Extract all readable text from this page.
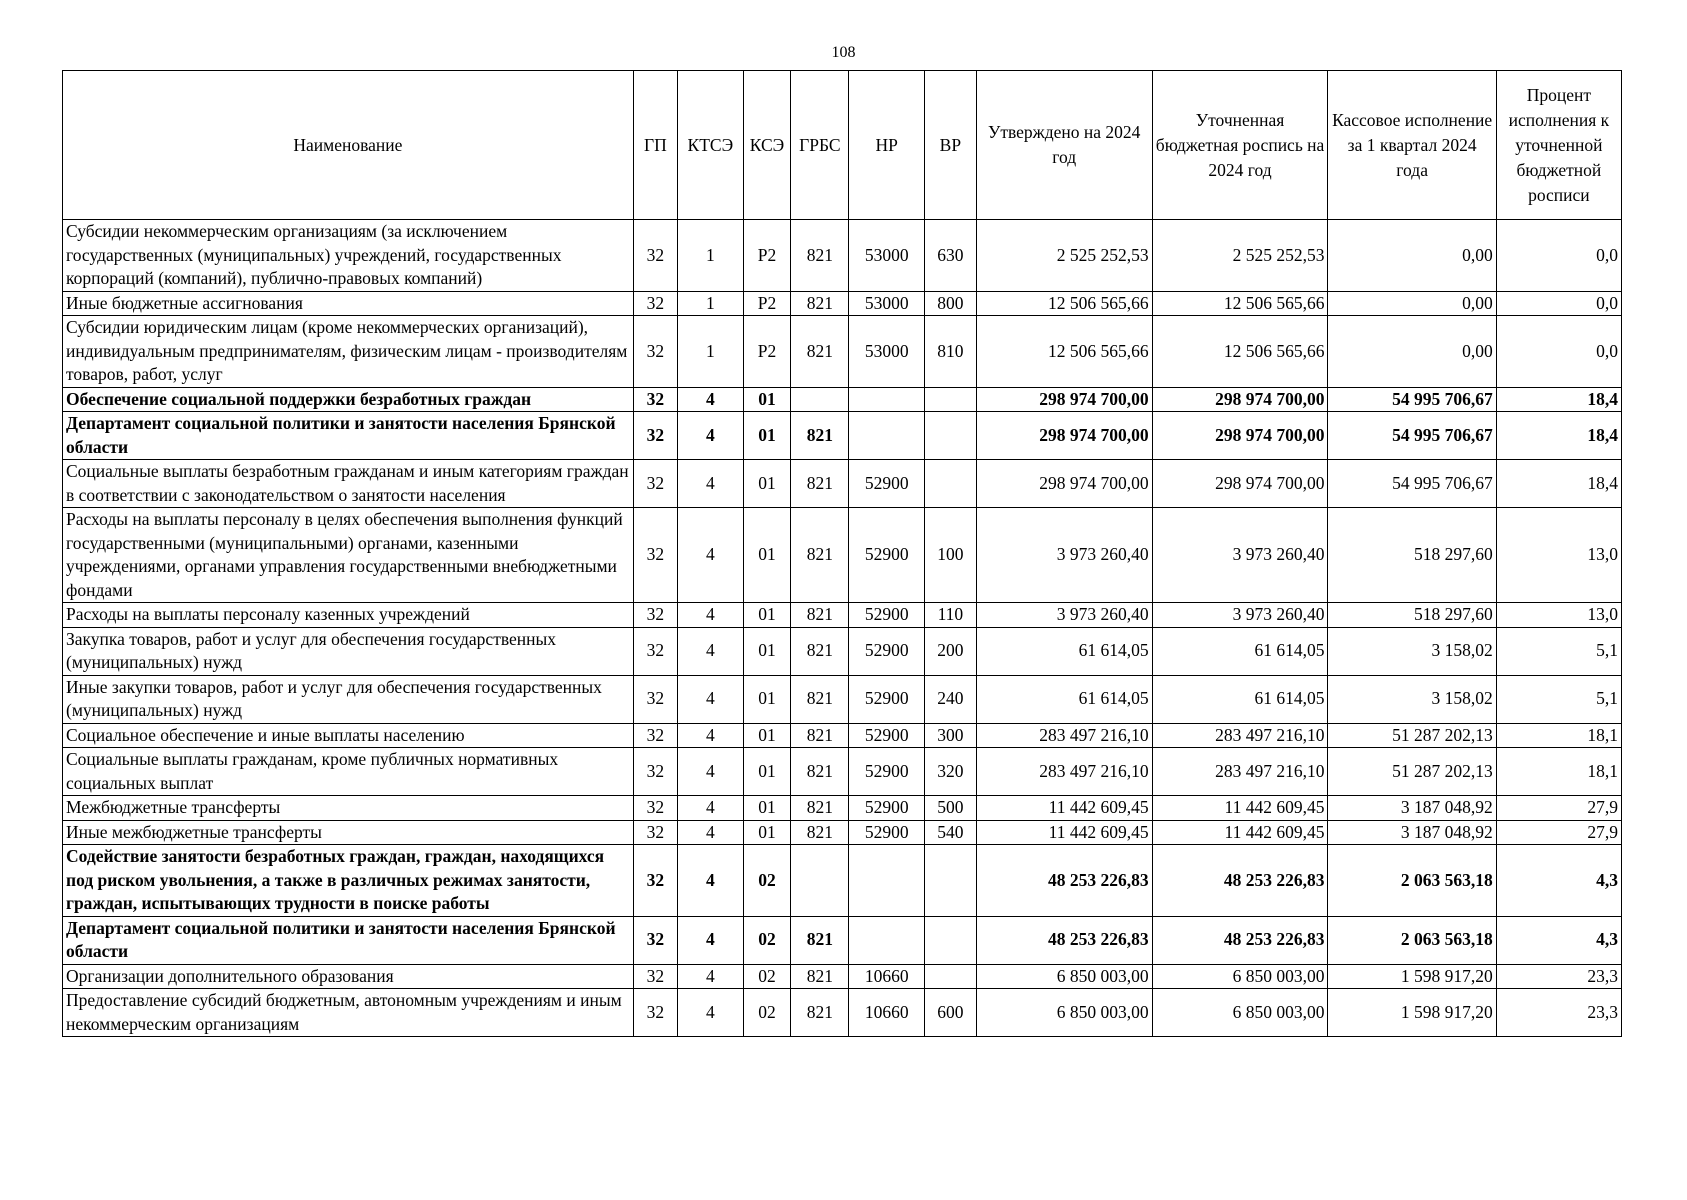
108
Наименование	ГП	КТСЭ	КСЭ	ГРБС	НР	ВР	Утверждено на 2024 год	Уточненная бюджетная роспись на 2024 год	Кассовое исполнение за 1 квартал 2024 года	Процент исполнения к уточненной бюджетной росписи
Субсидии некоммерческим организациям (за исключением государственных (муниципальных) учреждений, государственных корпораций (компаний), публично-правовых компаний)	32	1	P2	821	53000	630	2 525 252,53	2 525 252,53	0,00	0,0
Иные бюджетные ассигнования	32	1	P2	821	53000	800	12 506 565,66	12 506 565,66	0,00	0,0
Субсидии юридическим лицам (кроме некоммерческих организаций), индивидуальным предпринимателям, физическим лицам - производителям товаров, работ, услуг	32	1	P2	821	53000	810	12 506 565,66	12 506 565,66	0,00	0,0
Обеспечение социальной поддержки безработных граждан	32	4	01				298 974 700,00	298 974 700,00	54 995 706,67	18,4
Департамент социальной политики и занятости населения Брянской области	32	4	01	821			298 974 700,00	298 974 700,00	54 995 706,67	18,4
Социальные выплаты безработным гражданам и иным категориям граждан в соответствии с законодательством о занятости населения	32	4	01	821	52900		298 974 700,00	298 974 700,00	54 995 706,67	18,4
Расходы на выплаты персоналу в целях обеспечения выполнения функций государственными (муниципальными) органами, казенными учреждениями, органами управления государственными внебюджетными фондами	32	4	01	821	52900	100	3 973 260,40	3 973 260,40	518 297,60	13,0
Расходы на выплаты персоналу казенных учреждений	32	4	01	821	52900	110	3 973 260,40	3 973 260,40	518 297,60	13,0
Закупка товаров, работ и услуг для обеспечения государственных (муниципальных) нужд	32	4	01	821	52900	200	61 614,05	61 614,05	3 158,02	5,1
Иные закупки товаров, работ и услуг для обеспечения государственных (муниципальных) нужд	32	4	01	821	52900	240	61 614,05	61 614,05	3 158,02	5,1
Социальное обеспечение и иные выплаты населению	32	4	01	821	52900	300	283 497 216,10	283 497 216,10	51 287 202,13	18,1
Социальные выплаты гражданам, кроме публичных нормативных социальных выплат	32	4	01	821	52900	320	283 497 216,10	283 497 216,10	51 287 202,13	18,1
Межбюджетные трансферты	32	4	01	821	52900	500	11 442 609,45	11 442 609,45	3 187 048,92	27,9
Иные межбюджетные трансферты	32	4	01	821	52900	540	11 442 609,45	11 442 609,45	3 187 048,92	27,9
Содействие занятости безработных граждан, граждан, находящихся под риском увольнения, а также в различных режимах занятости, граждан, испытывающих трудности в поиске работы	32	4	02				48 253 226,83	48 253 226,83	2 063 563,18	4,3
Департамент социальной политики и занятости населения Брянской области	32	4	02	821			48 253 226,83	48 253 226,83	2 063 563,18	4,3
Организации дополнительного образования	32	4	02	821	10660		6 850 003,00	6 850 003,00	1 598 917,20	23,3
Предоставление субсидий бюджетным, автономным учреждениям и иным некоммерческим организациям	32	4	02	821	10660	600	6 850 003,00	6 850 003,00	1 598 917,20	23,3
